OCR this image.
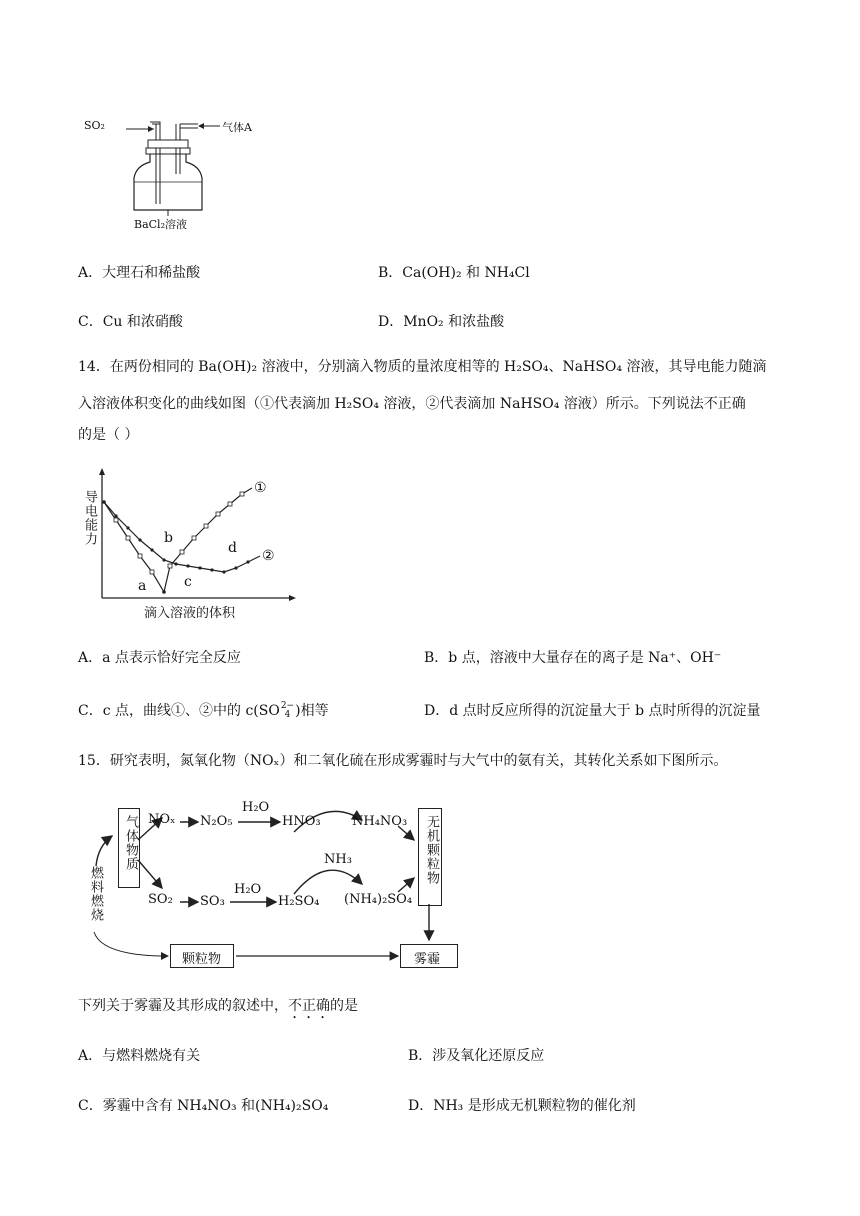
SO₂	气体A
BaCl₂溶液
A．大理石和稀盐酸	B．Ca(OH)₂ 和 NH₄Cl
C．Cu 和浓硝酸	D．MnO₂ 和浓盐酸
14．在两份相同的 Ba(OH)₂ 溶液中，分别滴入物质的量浓度相等的 H₂SO₄、NaHSO₄ 溶液，其导电能力随滴
入溶液体积变化的曲线如图（①代表滴加 H₂SO₄ 溶液，②代表滴加 NaHSO₄ 溶液）所示。下列说法不正确
的是（ ）
导电能力
滴入溶液的体积
①
②
a
b
c
d
A．a 点表示恰好完全反应	B．b 点，溶液中大量存在的离子是 Na⁺、OH⁻
C．c 点，曲线①、②中的 c(SO 2−
4 )相等	D．d 点时反应所得的沉淀量大于 b 点时所得的沉淀量
15．研究表明，氮氧化物（NOₓ）和二氧化硫在形成雾霾时与大气中的氨有关，其转化关系如下图所示。
气体物质	无机颗粒物
颗粒物	雾霾
燃料燃烧
NOₓ N₂O₅
H₂O
HNO₃ NH₄NO₃
NH₃
SO₂ SO₃
H₂O
H₂SO₄ (NH₄)₂SO₄
下列关于雾霾及其形成的叙述中，不正确的是
A．与燃料燃烧有关	B．涉及氧化还原反应
C．雾霾中含有 NH₄NO₃ 和(NH₄)₂SO₄	D．NH₃ 是形成无机颗粒物的催化剂
